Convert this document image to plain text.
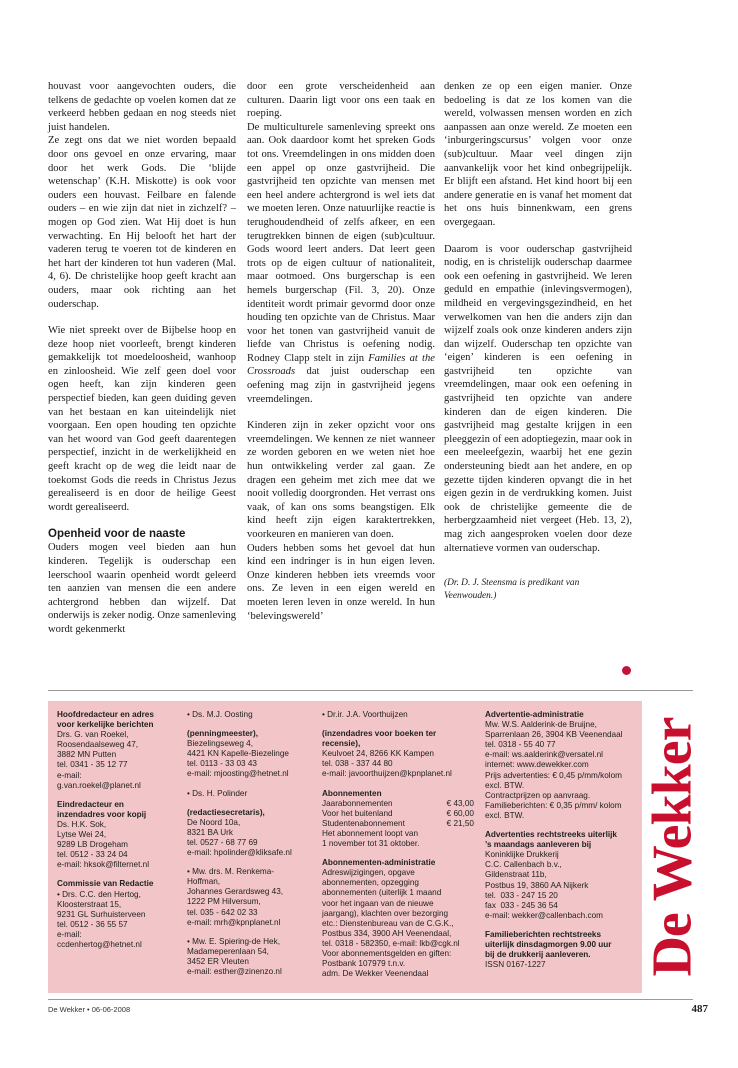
houvast voor aangevochten ouders, die telkens de gedachte op voelen komen dat ze verkeerd hebben gedaan en nog steeds niet juist handelen.

Ze zegt ons dat we niet worden bepaald door ons gevoel en onze ervaring, maar door het werk Gods. Die ‘blijde wetenschap’ (K.H. Miskotte) is ook voor ouders een houvast. Feilbare en falende ouders – en wie zijn dat niet in zichzelf? – mogen op God zien. Wat Hij doet is hun verwachting. En Hij belooft het hart der vaderen terug te voeren tot de kinderen en het hart der kinderen tot hun vaderen (Mal. 4, 6). De christelijke hoop geeft kracht aan ouders, maar ook richting aan het ouderschap.

Wie niet spreekt over de Bijbelse hoop en deze hoop niet voorleeft, brengt kinderen gemakkelijk tot moedeloosheid, wanhoop en zinloosheid. Wie zelf geen doel voor ogen heeft, kan zijn kinderen geen perspectief bieden, kan geen duiding geven van het bestaan en kan uiteindelijk niet voorgaan. Een open houding ten opzichte van het woord van God geeft daarentegen perspectief, inzicht in de werkelijkheid en geeft kracht op de weg die leidt naar de toekomst Gods die reeds in Christus Jezus gerealiseerd is en door de heilige Geest wordt gerealiseerd.

Openheid voor de naaste

Ouders mogen veel bieden aan hun kinderen. Tegelijk is ouderschap een leerschool waarin openheid wordt geleerd ten aanzien van mensen die een andere achtergrond hebben dan wijzelf. Dat onderwijs is zeker nodig. Onze samenleving wordt gekenmerkt

door een grote verscheidenheid aan culturen. Daarin ligt voor ons een taak en roeping.

De multiculturele samenleving spreekt ons aan. Ook daardoor komt het spreken Gods tot ons. Vreemdelingen in ons midden doen een appel op onze gastvrijheid. Die gastvrijheid ten opzichte van mensen met een heel andere achtergrond is wel iets dat we moeten leren. Onze natuurlijke reactie is terughoudendheid of zelfs afkeer, en een terugtrekken binnen de eigen (sub)cultuur. Gods woord leert anders. Dat leert geen trots op de eigen cultuur of nationaliteit, maar ootmoed. Ons burgerschap is een hemels burgerschap (Fil. 3, 20). Onze identiteit wordt primair gevormd door onze houding ten opzichte van de Christus. Maar voor het tonen van gastvrijheid vanuit de liefde van Christus is oefening nodig. Rodney Clapp stelt in zijn Families at the Crossroads dat juist ouderschap een oefening mag zijn in gastvrijheid jegens vreemdelingen.

Kinderen zijn in zeker opzicht voor ons vreemdelingen. We kennen ze niet wanneer ze worden geboren en we weten niet hoe hun ontwikkeling verder zal gaan. Ze dragen een geheim met zich mee dat we nooit volledig doorgronden. Het verrast ons vaak, of kan ons soms beangstigen. Elk kind heeft zijn eigen karaktertrekken, voorkeuren en manieren van doen.

Ouders hebben soms het gevoel dat hun kind een indringer is in hun eigen leven. Onze kinderen hebben iets vreemds voor ons. Ze leven in een eigen wereld en moeten leren leven in onze wereld. In hun ‘belevingswereld’

denken ze op een eigen manier. Onze bedoeling is dat ze los komen van die wereld, volwassen mensen worden en zich aanpassen aan onze wereld. Ze moeten een ‘inburgeringscursus’ volgen voor onze (sub)cultuur. Maar veel dingen zijn aanvankelijk voor het kind onbegrijpelijk. Er blijft een afstand. Het kind hoort bij een andere generatie en is vanaf het moment dat het ons huis binnenkwam, een grens overgegaan.

Daarom is voor ouderschap gastvrijheid nodig, en is christelijk ouderschap daarmee ook een oefening in gastvrijheid. We leren geduld en empathie (inlevingsvermogen), mildheid en vergevingsgezindheid, en het verwelkomen van hen die anders zijn dan wijzelf zoals ook onze kinderen anders zijn dan wijzelf. Ouderschap ten opzichte van ‘eigen’ kinderen is een oefening in gastvrijheid ten opzichte van vreemdelingen, maar ook een oefening in gastvrijheid ten opzichte van andere kinderen dan de eigen kinderen. Die gastvrijheid mag gestalte krijgen in een pleeggezin of een adoptiegezin, maar ook in een meeleefgezin, waarbij het ene gezin ondersteuning biedt aan het andere, en op gezette tijden kinderen opvangt die in het eigen gezin in de verdrukking komen. Juist ook de christelijke gemeente die de herbergzaamheid niet vergeet (Heb. 13, 2), mag zich aangesproken voelen door deze alternatieve vormen van ouderschap.

(Dr. D. J. Steensma is predikant van Veenwouden.)

Hoofdredacteur en adres
voor kerkelijke berichten
Drs. G. van Roekel,
Roosendaalseweg 47,
3882 MN Putten
tel. 0341 - 35 12 77
e-mail:
g.van.roekel@planet.nl
Eindredacteur en
inzendadres voor kopij
Ds. H.K. Sok,
Lytse Wei 24,
9289 LB Drogeham
tel. 0512 - 33 24 04
e-mail: hksok@filternet.nl
Commissie van Redactie
• Drs. C.C. den Hertog,
Kloosterstraat 15,
9231 GL Surhuisterveen
tel. 0512 - 36 55 57
e-mail:
ccdenhertog@hetnet.nl
• Ds. M.J. Oosting
(penningmeester),
Biezelingseweg 4,
4421 KN Kapelle-Biezelinge
tel. 0113 - 33 03 43
e-mail: mjoosting@hetnet.nl
• Ds. H. Polinder
(redactiesecretaris),
De Noord 10a,
8321 BA Urk
tel. 0527 - 68 77 69
e-mail: hpolinder@kliksafe.nl
• Mw. drs. M. Renkema-
Hoffman,
Johannes Gerardsweg 43,
1222 PM Hilversum,
tel. 035 - 642 02 33
e-mail: mrh@kpnplanet.nl
• Mw. E. Spiering-de Hek,
Madameperenlaan 54,
3452 ER Vleuten
e-mail: esther@zinenzo.nl
• Dr.ir. J.A. Voorthuijzen
(inzendadres voor boeken ter
recensie),
Keulvoet 24, 8266 KK Kampen
tel. 038 - 337 44 80
e-mail: javoorthuijzen@kpnplanet.nl
Abonnementen
Jaarabonnementen	€ 43,00
Voor het buitenland	€ 60,00
Studentenabonnement	€ 21,50
Het abonnement loopt van
1 november tot 31 oktober.
Abonnementen-administratie
Adreswijzigingen, opgave
abonnementen, opzegging
abonnementen (uiterlijk 1 maand
voor het ingaan van de nieuwe
jaargang), klachten over bezorging
etc.: Dienstenbureau van de C.G.K.,
Postbus 334, 3900 AH Veenendaal,
tel. 0318 - 582350, e-mail: lkb@cgk.nl
Voor abonnementsgelden en giften:
Postbank 107979 t.n.v.
adm. De Wekker Veenendaal
Advertentie-administratie
Mw. W.S. Aalderink-de Bruijne,
Sparrenlaan 26, 3904 KB Veenendaal
tel. 0318 - 55 40 77
e-mail: ws.aalderink@versatel.nl
internet: www.dewekker.com
Prijs advertenties: € 0,45 p/mm/kolom
excl. BTW.
Contractprijzen op aanvraag.
Familieberichten: € 0,35 p/mm/ kolom
excl. BTW.
Advertenties rechtstreeks uiterlijk
’s maandags aanleveren bij
Koninklijke Drukkerij
C.C. Callenbach b.v.,
Gildenstraat 11b,
Postbus 19, 3860 AA Nijkerk
tel.  033 - 247 15 20
fax  033 - 245 36 54
e-mail: wekker@callenbach.com
Familieberichten rechtstreeks
uiterlijk dinsdagmorgen 9.00 uur
bij de drukkerij aanleveren.
ISSN 0167-1227	De Wekker
De Wekker • 06-06-2008	487
